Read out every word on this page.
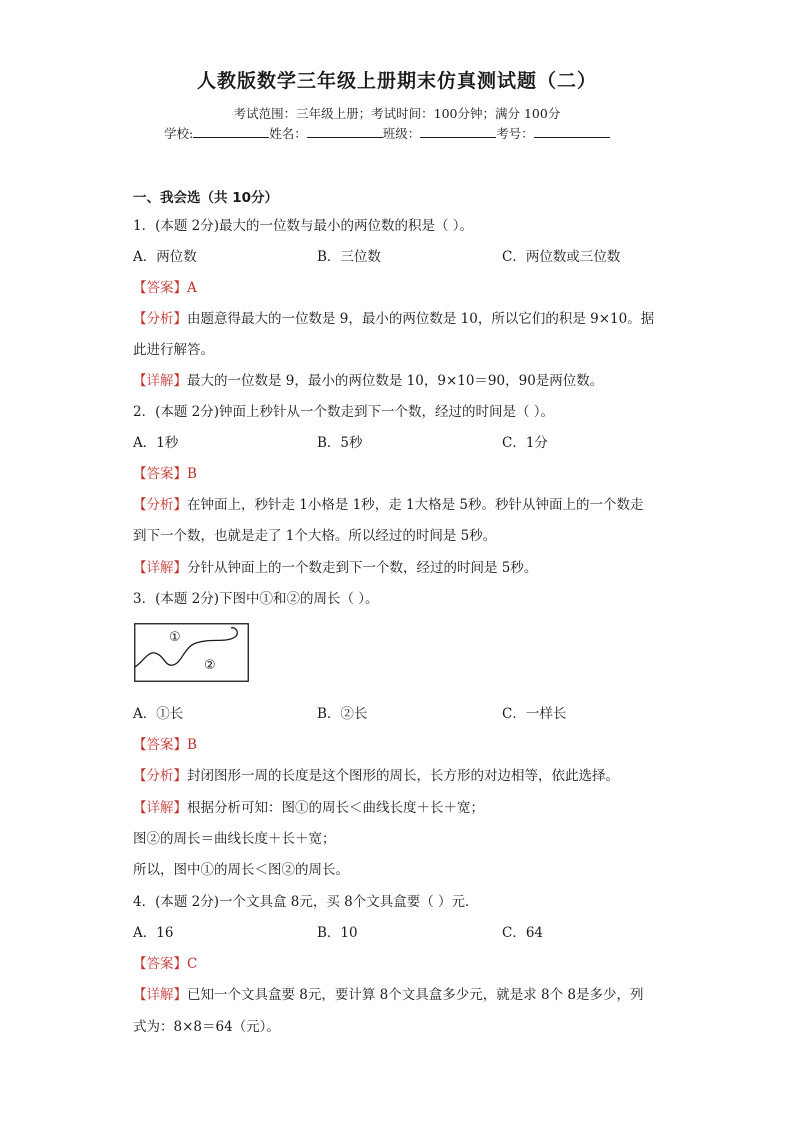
人教版数学三年级上册期末仿真测试题（二）
考试范围：三年级上册；考试时间：100分钟；满分 100分
学校:	姓名：	班级：	考号：
一、我会选（共 10分）
1．(本题 2分)最大的一位数与最小的两位数的积是（ ）。
A．两位数	B．三位数	C．两位数或三位数
【答案】A
【分析】由题意得最大的一位数是 9，最小的两位数是 10，所以它们的积是 9×10。据
此进行解答。
【详解】最大的一位数是 9，最小的两位数是 10，9×10＝90，90是两位数。
2．(本题 2分)钟面上秒针从一个数走到下一个数，经过的时间是（ ）。
A．1秒	B．5秒	C．1分
【答案】B
【分析】在钟面上，秒针走 1小格是 1秒，走 1大格是 5秒。秒针从钟面上的一个数走
到下一个数，也就是走了 1个大格。所以经过的时间是 5秒。
【详解】分针从钟面上的一个数走到下一个数，经过的时间是 5秒。
3．(本题 2分)下图中①和②的周长（ ）。
①
②
A．①长	B．②长	C．一样长
【答案】B
【分析】封闭图形一周的长度是这个图形的周长，长方形的对边相等，依此选择。
【详解】根据分析可知：图①的周长＜曲线长度＋长＋宽；
图②的周长＝曲线长度＋长＋宽；
所以，图中①的周长＜图②的周长。
4．(本题 2分)一个文具盒 8元，买 8个文具盒要（ ）元．
A．16	B．10	C．64
【答案】C
【详解】已知一个文具盒要 8元，要计算 8个文具盒多少元，就是求 8个 8是多少，列
式为：8×8＝64（元）。
